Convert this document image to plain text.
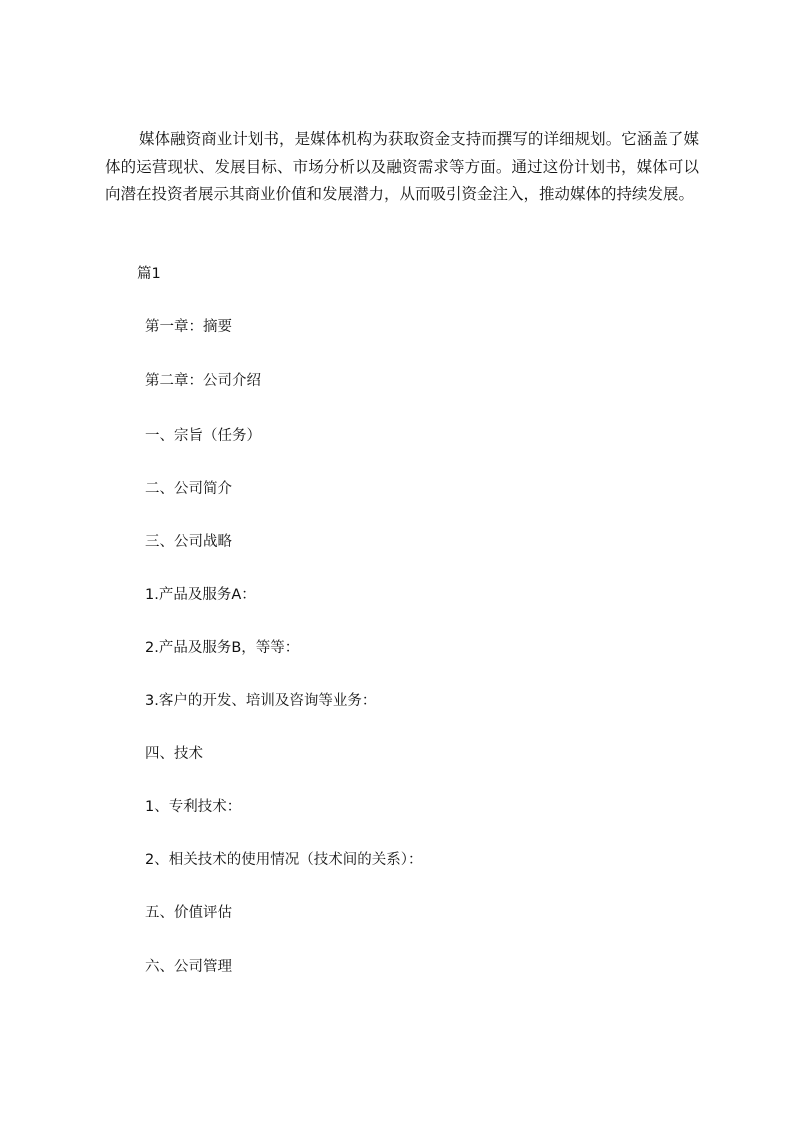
媒体融资商业计划书，是媒体机构为获取资金支持而撰写的详细规划。它涵盖了媒体的运营现状、发展目标、市场分析以及融资需求等方面。通过这份计划书，媒体可以向潜在投资者展示其商业价值和发展潜力，从而吸引资金注入，推动媒体的持续发展。

篇1

第一章：摘要

第二章：公司介绍

一、宗旨（任务）

二、公司简介

三、公司战略

1.产品及服务A：

2.产品及服务B，等等：

3.客户的开发、培训及咨询等业务：

四、技术

1、专利技术：

2、相关技术的使用情况（技术间的关系）：

五、价值评估

六、公司管理
